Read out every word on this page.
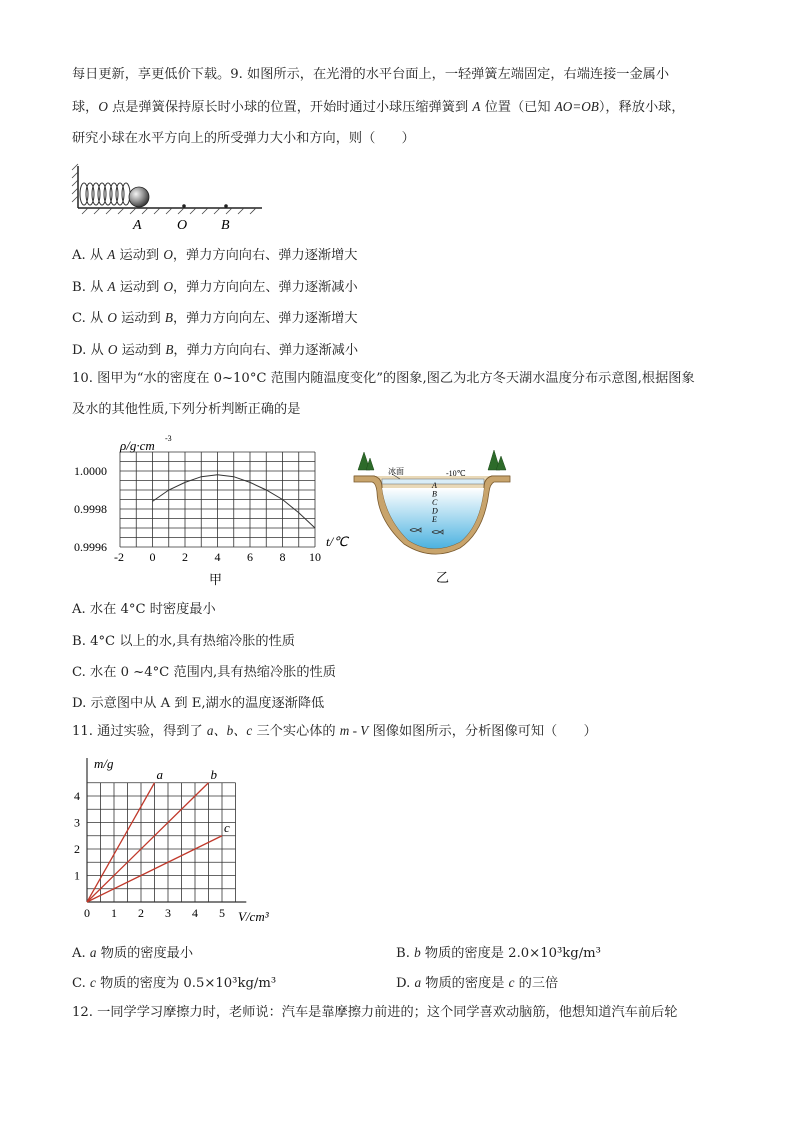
每日更新，享更低价下载。9. 如图所示，在光滑的水平台面上，一轻弹簧左端固定，右端连接一金属小
球，O 点是弹簧保持原长时小球的位置，开始时通过小球压缩弹簧到 A 位置（已知 AO=OB），释放小球，
研究小球在水平方向上的所受弹力大小和方向，则（　　）
A	O B
A. 从 A 运动到 O，弹力方向向右、弹力逐渐增大
B. 从 A 运动到 O，弹力方向向左、弹力逐渐减小
C. 从 O 运动到 B，弹力方向向左、弹力逐渐增大
D. 从 O 运动到 B，弹力方向向右、弹力逐渐减小
10. 图甲为“水的密度在 0~10°C 范围内随温度变化”的图象,图乙为北方冬天湖水温度分布示意图,根据图象
及水的其他性质,下列分析判断正确的是
ρ/g·cm -3
t/℃
-2 0 2 4 6 8 10
0.9996
0.9998
1.0000
甲
冰面	-10℃
A
B
C
D
E
乙
A. 水在 4°C 时密度最小
B. 4°C 以上的水,具有热缩冷胀的性质
C. 水在 0 ~4°C 范围内,具有热缩冷胀的性质
D. 示意图中从 A 到 E,湖水的温度逐渐降低
11. 通过实验，得到了 a、b、c 三个实心体的 m - V 图像如图所示，分析图像可知（　　）
m/g
V/cm³
0 1 2 3 4 5
1
2
3
4
a	b
c
A. a 物质的密度最小	B. b 物质的密度是 2.0×10³kg/m³
C. c 物质的密度为 0.5×10³kg/m³	D. a 物质的密度是 c 的三倍
12. 一同学学习摩擦力时，老师说：汽车是靠摩擦力前进的；这个同学喜欢动脑筋，他想知道汽车前后轮
